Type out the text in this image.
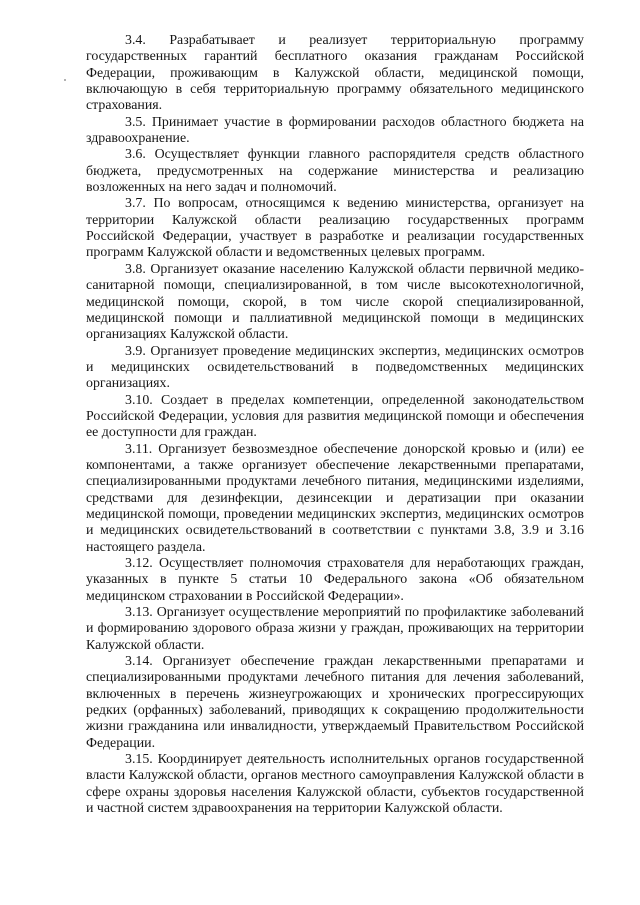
3.4. Разрабатывает и реализует территориальную программу государственных гарантий бесплатного оказания гражданам Российской Федерации, проживающим в Калужской области, медицинской помощи, включающую в себя территориальную программу обязательного медицинского страхования.

3.5. Принимает участие в формировании расходов областного бюджета на здравоохранение.

3.6. Осуществляет функции главного распорядителя средств областного бюджета, предусмотренных на содержание министерства и реализацию возложенных на него задач и полномочий.

3.7. По вопросам, относящимся к ведению министерства, организует на территории Калужской области реализацию государственных программ Российской Федерации, участвует в разработке и реализации государственных программ Калужской области и ведомственных целевых программ.

3.8. Организует оказание населению Калужской области первичной медико-санитарной помощи, специализированной, в том числе высокотехнологичной, медицинской помощи, скорой, в том числе скорой специализированной, медицинской помощи и паллиативной медицинской помощи в медицинских организациях Калужской области.

3.9. Организует проведение медицинских экспертиз, медицинских осмотров и медицинских освидетельствований в подведомственных медицинских организациях.

3.10. Создает в пределах компетенции, определенной законодательством Российской Федерации, условия для развития медицинской помощи и обеспечения ее доступности для граждан.

3.11. Организует безвозмездное обеспечение донорской кровью и (или) ее компонентами, а также организует обеспечение лекарственными препаратами, специализированными продуктами лечебного питания, медицинскими изделиями, средствами для дезинфекции, дезинсекции и дератизации при оказании медицинской помощи, проведении медицинских экспертиз, медицинских осмотров и медицинских освидетельствований в соответствии с пунктами 3.8, 3.9 и 3.16 настоящего раздела.

3.12. Осуществляет полномочия страхователя для неработающих граждан, указанных в пункте 5 статьи 10 Федерального закона «Об обязательном медицинском страховании в Российской Федерации».

3.13. Организует осуществление мероприятий по профилактике заболеваний и формированию здорового образа жизни у граждан, проживающих на территории Калужской области.

3.14. Организует обеспечение граждан лекарственными препаратами и специализированными продуктами лечебного питания для лечения заболеваний, включенных в перечень жизнеугрожающих и хронических прогрессирующих редких (орфанных) заболеваний, приводящих к сокращению продолжительности жизни гражданина или инвалидности, утверждаемый Правительством Российской Федерации.

3.15. Координирует деятельность исполнительных органов государственной власти Калужской области, органов местного самоуправления Калужской области в сфере охраны здоровья населения Калужской области, субъектов государственной и частной систем здравоохранения на территории Калужской области.
